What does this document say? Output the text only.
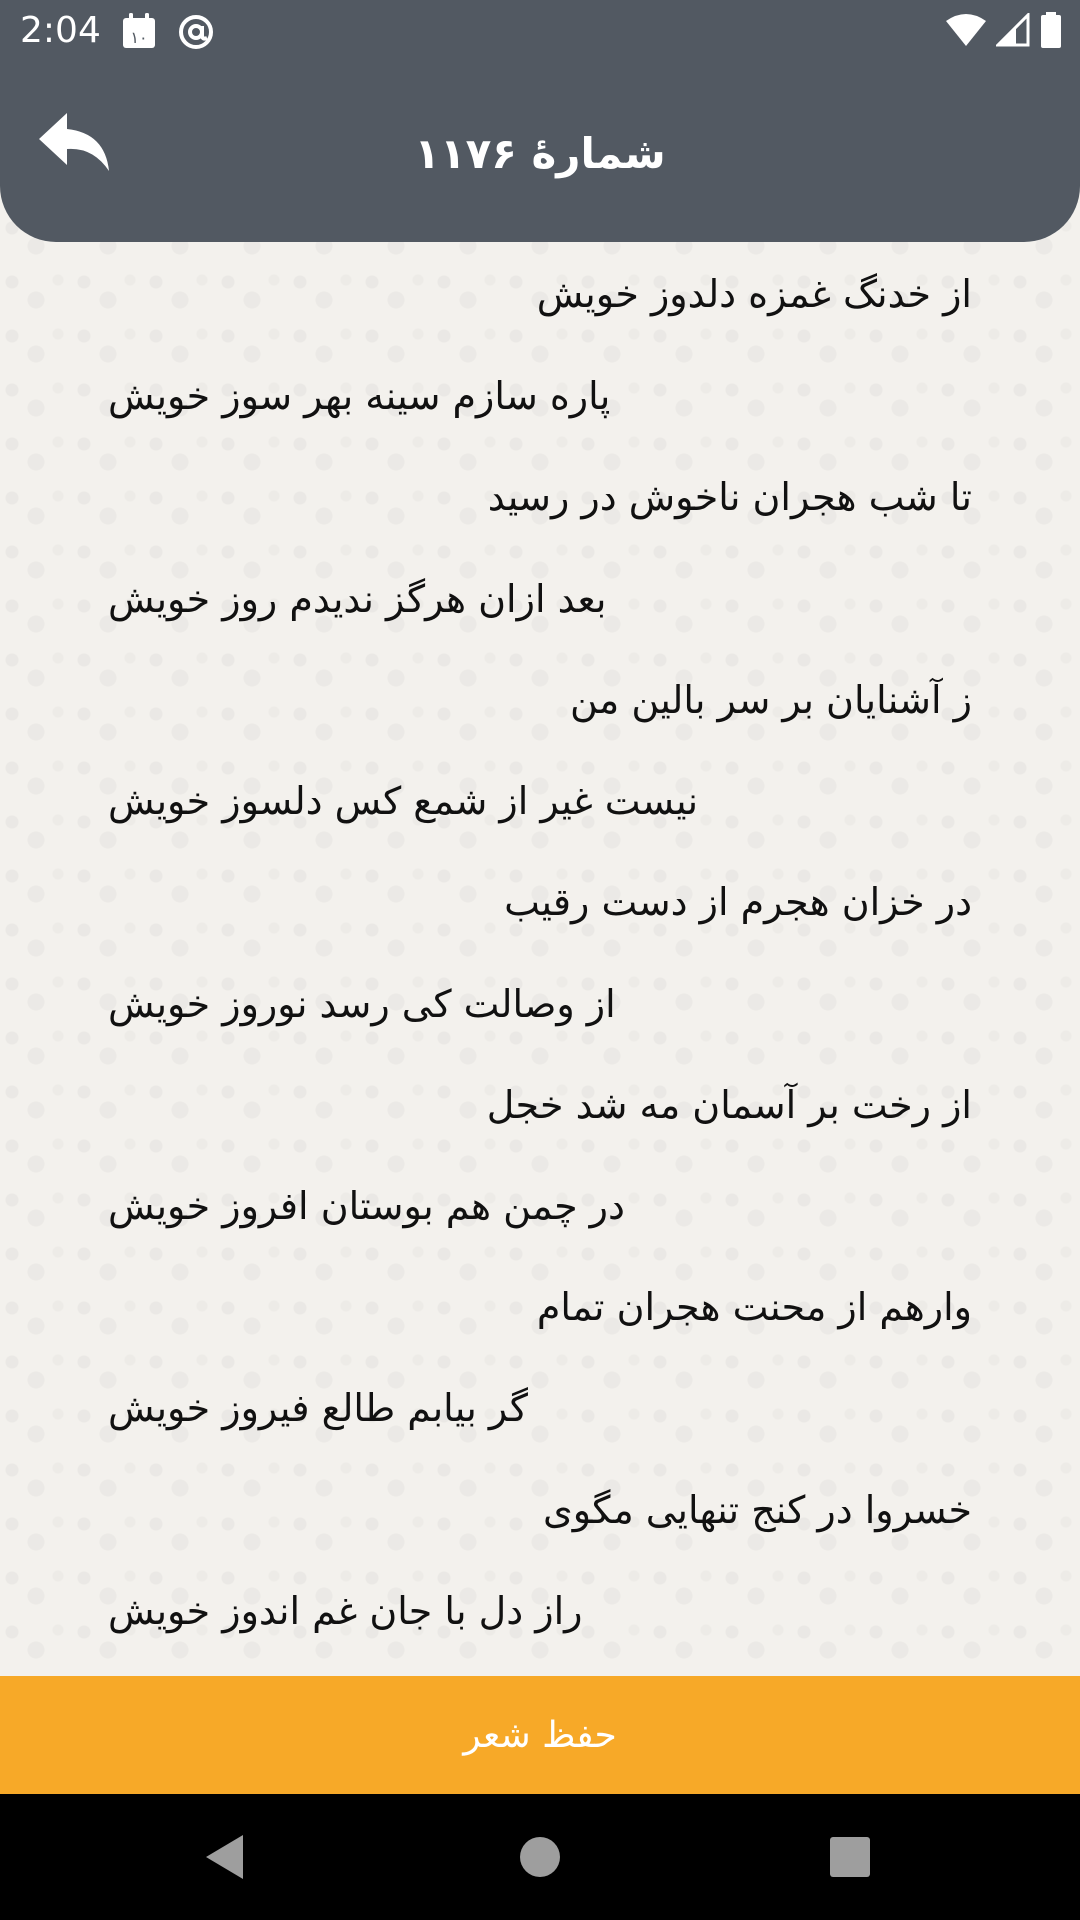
2:04 ۱۰
شمارهٔ ۱۱۷۶
از خدنگ غمزه دلدوز خویش
پاره سازم سینه بهر سوز خویش
تا شب هجران ناخوش در رسید
بعد ازان هرگز ندیدم روز خویش
ز آشنایان بر سر بالین من
نیست غیر از شمع کس دلسوز خویش
در خزان هجرم از دست رقیب
از وصالت کی رسد نوروز خویش
از رخت بر آسمان مه شد خجل
در چمن هم بوستان افروز خویش
وارهم از محنت هجران تمام
گر بیابم طالع فیروز خویش
خسروا در کنج تنهایی مگوی
راز دل با جان غم اندوز خویش
حفظ شعر
